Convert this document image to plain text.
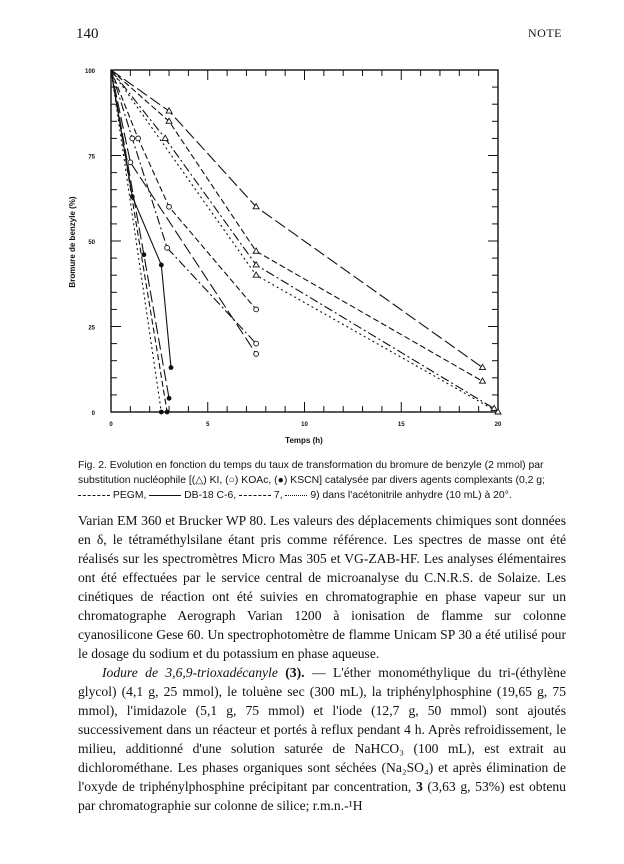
140	NOTE
0	5	10	15	20
0
25
50
75
100
Bromure de benzyle (%)
Temps (h)
Fig. 2. Evolution en fonction du temps du taux de transformation du bromure de benzyle (2 mmol) par substitution nucléophile [(△) KI, (○) KOAc, (●) KSCN] catalysée par divers agents complexants (0,2 g;  PEGM,	DB-18 C-6,	7,	9) dans l'acétonitrile anhydre (10 mL) à 20°.

Varian EM 360 et Brucker WP 80. Les valeurs des déplacements chimiques sont données en δ, le tétraméthylsilane étant pris comme référence. Les spectres de masse ont été réalisés sur les spectromètres Micro Mas 305 et VG-ZAB-HF. Les analyses élémentaires ont été effectuées par le service central de microanalyse du C.N.R.S. de Solaize. Les cinétiques de réaction ont été suivies en chromatographie en phase vapeur sur un chromatographe Aerograph Varian 1200 à ionisation de flamme sur colonne cyanosilicone Gese 60. Un spectrophotomètre de flamme Unicam SP 30 a été utilisé pour le dosage du sodium et du potassium en phase aqueuse.

Iodure de 3,6,9-trioxadécanyle (3). — L'éther monométhylique du tri-(éthylène glycol) (4,1 g, 25 mmol), le toluène sec (300 mL), la triphénylphosphine (19,65 g, 75 mmol), l'imidazole (5,1 g, 75 mmol) et l'iode (12,7 g, 50 mmol) sont ajoutés successivement dans un réacteur et portés à reflux pendant 4 h. Après refroidissement, le milieu, additionné d'une solution saturée de NaHCO₃ (100 mL), est extrait au dichlorométhane. Les phases organiques sont séchées (Na₂SO₄) et après élimination de l'oxyde de triphénylphosphine précipitant par concentration, 3 (3,63 g, 53%) est obtenu par chromatographie sur colonne de silice; r.m.n.-¹H
